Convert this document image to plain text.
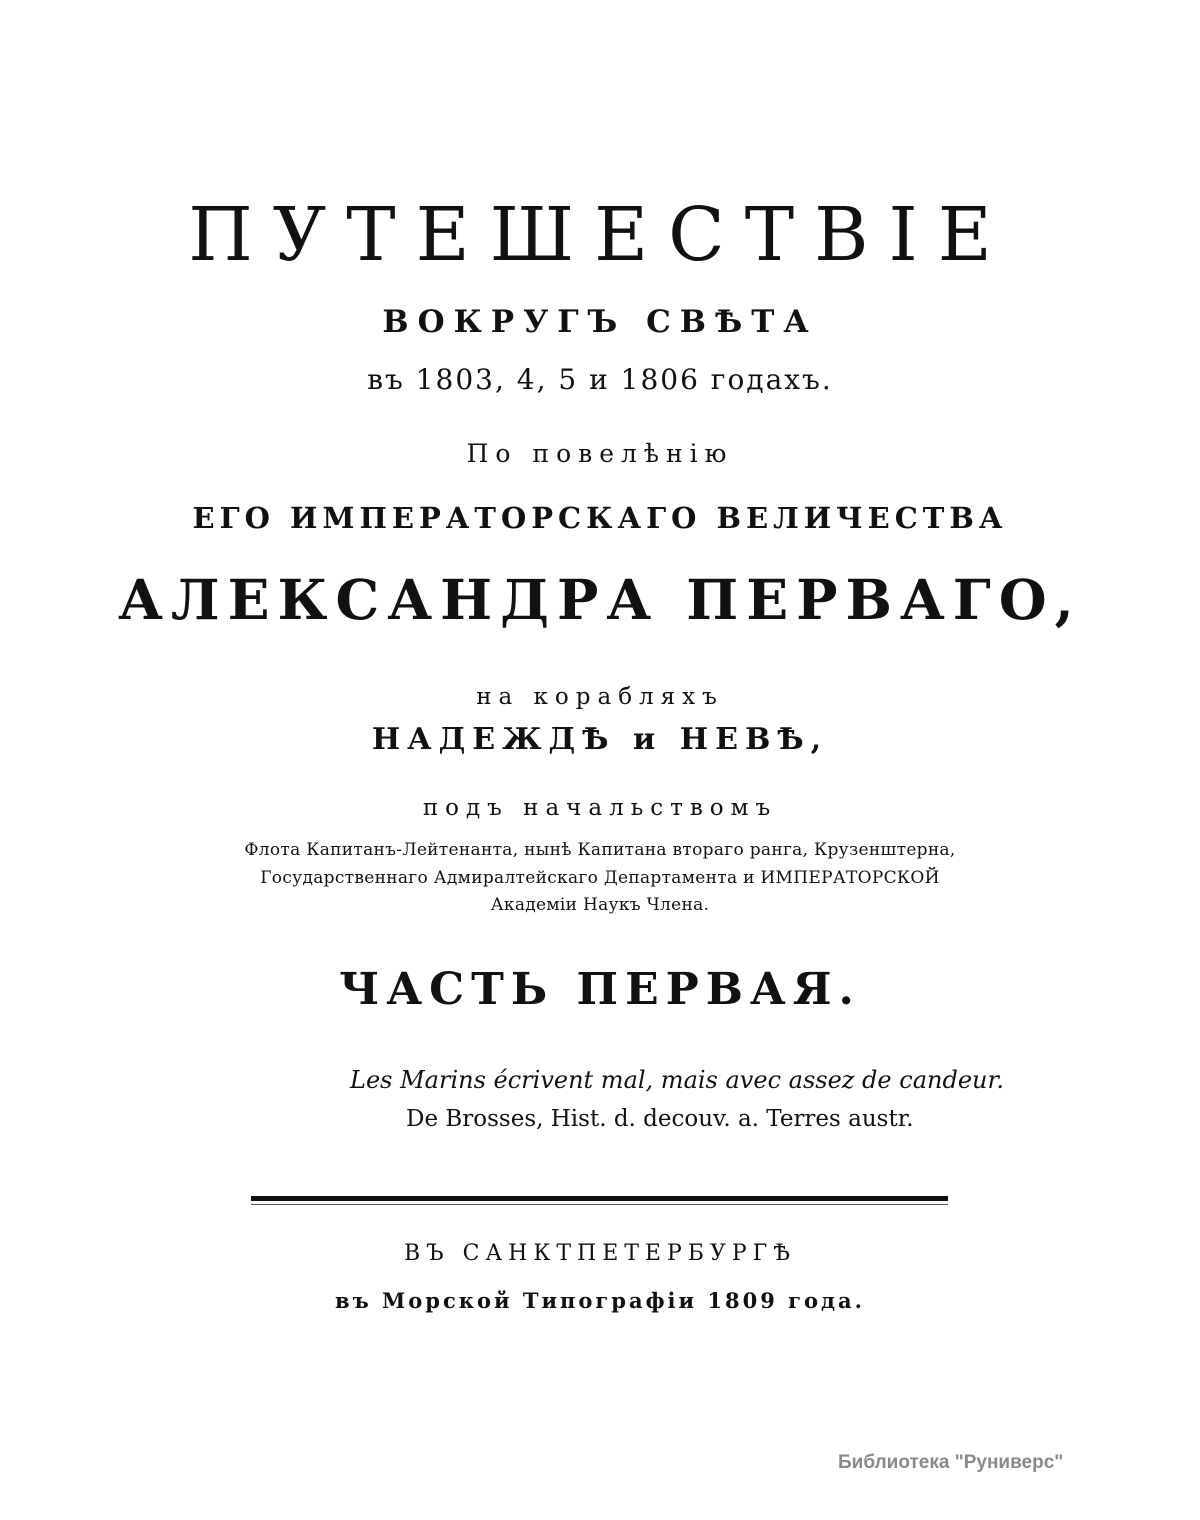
ПУТЕШЕСТВІЕ
ВОКРУГЪ СВѢТА
въ 1803, 4, 5 и 1806 годахъ.
По повелѣнію
ЕГО ИМПЕРАТОРСКАГО ВЕЛИЧЕСТВА
АЛЕКСАНДРА ПЕРВАГО,
на корабляхъ
НАДЕЖДѢ и НЕВѢ,
подъ начальствомъ
Флота Капитанъ-Лейтенанта, нынѣ Капитана втораго ранга, Крузенштерна,
Государственнаго Адмиралтейскаго Департамента и ИМПЕРАТОРСКОЙ
Академіи Наукъ Члена.
ЧАСТЬ ПЕРВАЯ.
Les Marins écrivent mal, mais avec assez de candeur.
De Brosses, Hist. d. decouv. a. Terres austr.
ВЪ САНКТПЕТЕРБУРГѢ
въ Морской Типографіи 1809 года.
Библиотека "Руниверс"
